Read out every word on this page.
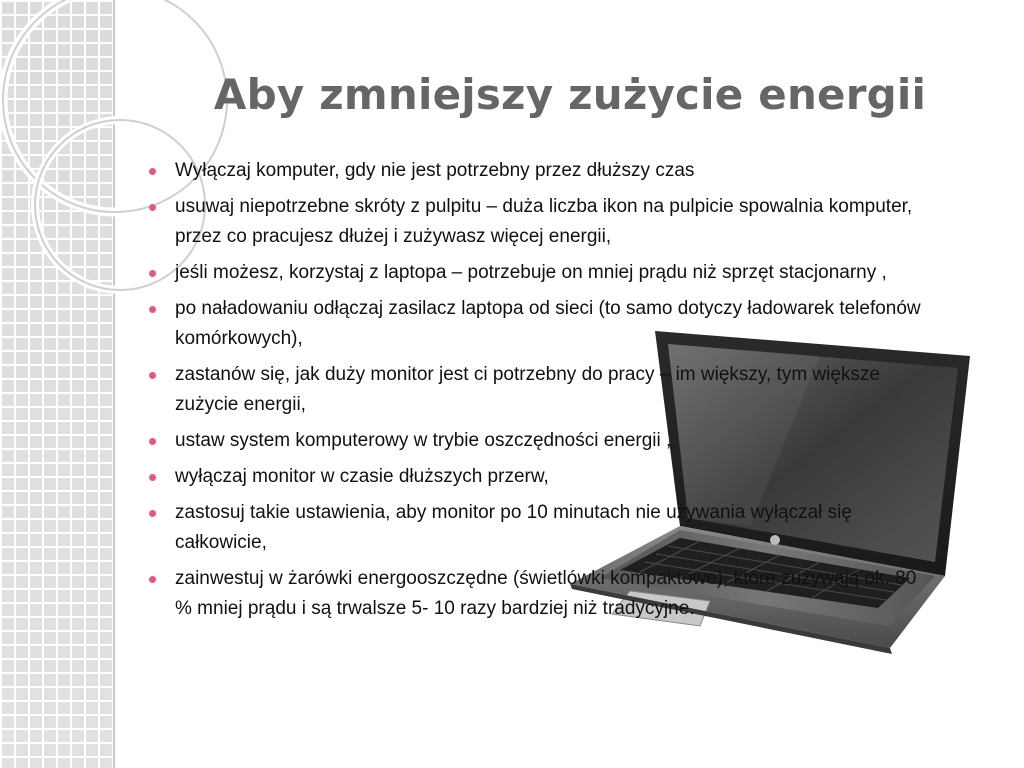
Aby zmniejszy zużycie energii
Wyłączaj komputer, gdy nie jest potrzebny przez dłuższy czas
usuwaj niepotrzebne skróty z pulpitu – duża liczba ikon na pulpicie spowalnia komputer, przez co pracujesz dłużej i zużywasz więcej energii,
jeśli możesz, korzystaj z laptopa – potrzebuje on mniej prądu niż sprzęt stacjonarny ,
po naładowaniu odłączaj zasilacz laptopa od sieci (to samo dotyczy ładowarek telefonów komórkowych),
zastanów się, jak duży monitor jest ci potrzebny do pracy – im większy, tym większe zużycie energii,
ustaw system komputerowy w trybie oszczędności energii ,
wyłączaj monitor w czasie dłuższych przerw,
zastosuj takie ustawienia, aby monitor po 10 minutach nie używania wyłączał się całkowicie,
zainwestuj w żarówki energooszczędne (świetlówki kompaktowe), które zużywają ok. 80 % mniej prądu i są trwalsze 5- 10 razy bardziej niż tradycyjne.
